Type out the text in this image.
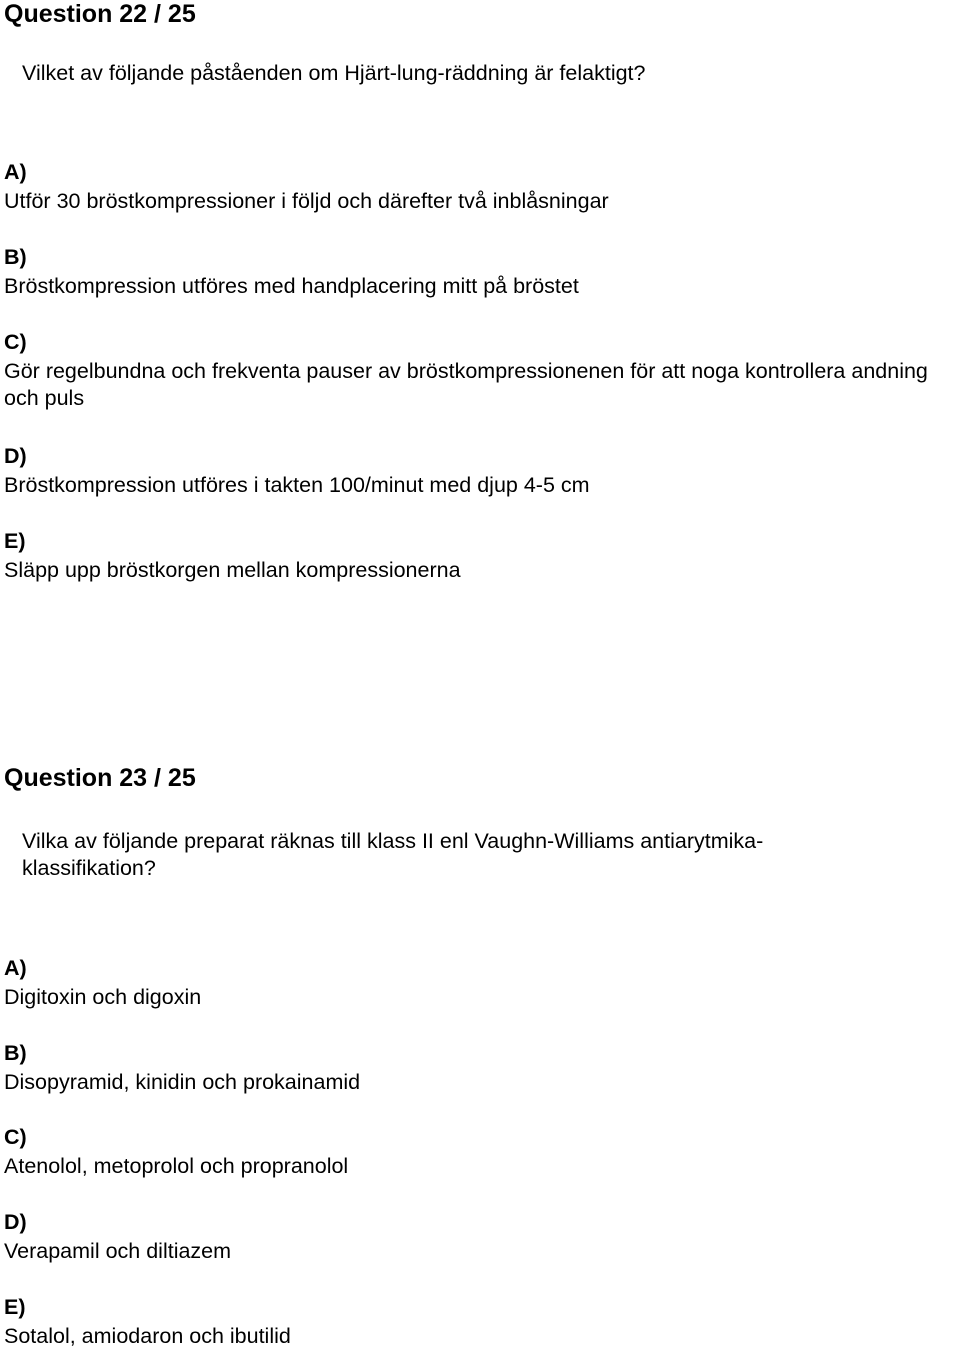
Question 22 / 25

Vilket av följande påståenden om Hjärt-lung-räddning är felaktigt?

A)
Utför 30 bröstkompressioner i följd och därefter två inblåsningar
B)
Bröstkompression utföres med handplacering mitt på bröstet
C)
Gör regelbundna och frekventa pauser av bröstkompressionenen för att noga kontrollera andning och puls
D)
Bröstkompression utföres i takten 100/minut med djup 4-5 cm
E)
Släpp upp bröstkorgen mellan kompressionerna
Question 23 / 25

Vilka av följande preparat räknas till klass II enl Vaughn-Williams antiarytmika-klassifikation?

A)
Digitoxin och digoxin
B)
Disopyramid, kinidin och prokainamid
C)
Atenolol, metoprolol och propranolol
D)
Verapamil och diltiazem
E)
Sotalol, amiodaron och ibutilid
